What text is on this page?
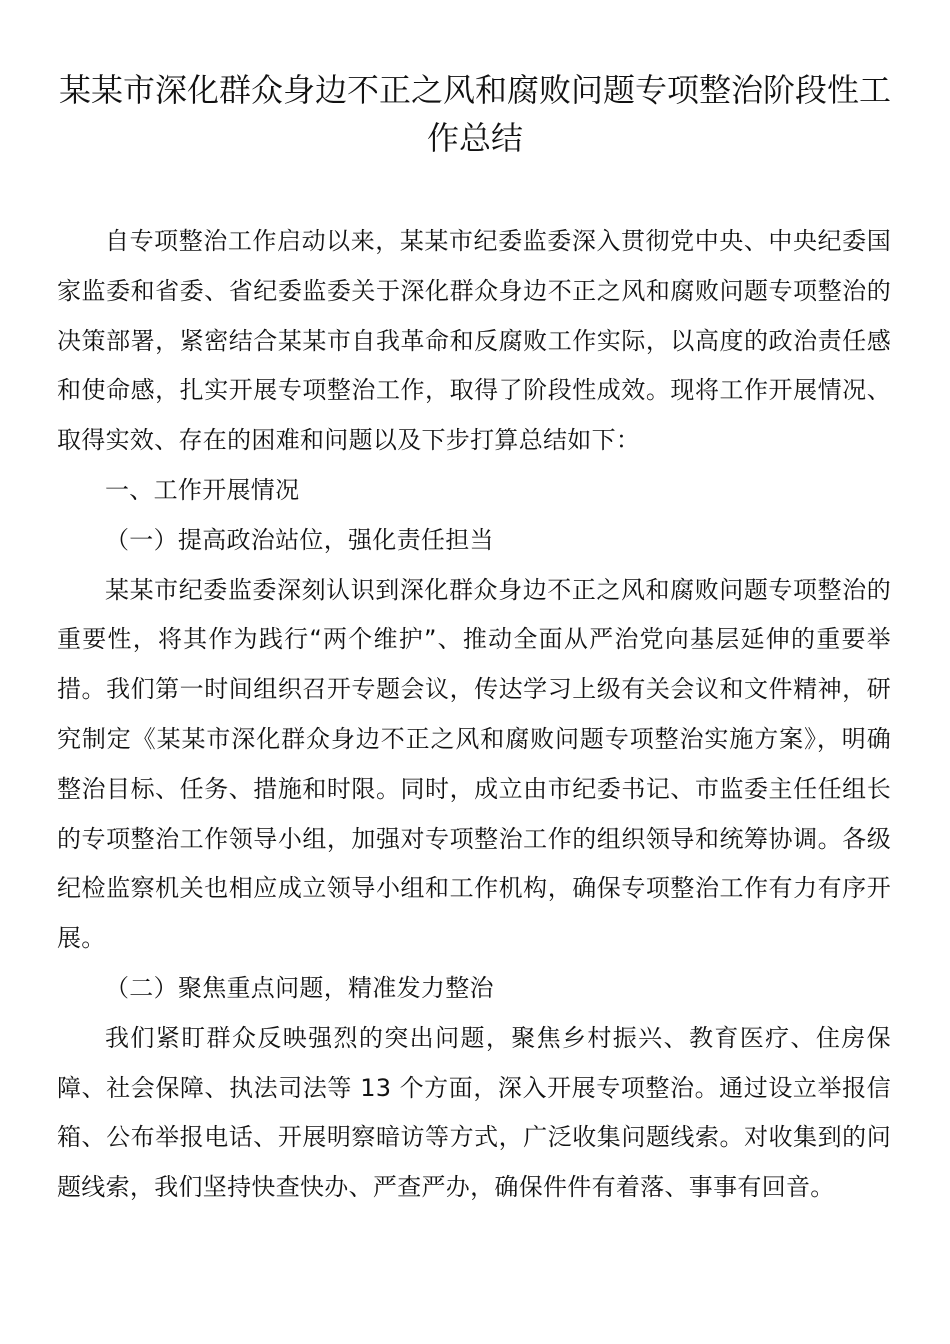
某某市深化群众身边不正之风和腐败问题专项整治阶段性工作总结

自专项整治工作启动以来，某某市纪委监委深入贯彻党中央、中央纪委国家监委和省委、省纪委监委关于深化群众身边不正之风和腐败问题专项整治的决策部署，紧密结合某某市自我革命和反腐败工作实际，以高度的政治责任感和使命感，扎实开展专项整治工作，取得了阶段性成效。现将工作开展情况、取得实效、存在的困难和问题以及下步打算总结如下：

一、工作开展情况

（一）提高政治站位，强化责任担当

某某市纪委监委深刻认识到深化群众身边不正之风和腐败问题专项整治的重要性，将其作为践行“两个维护”、推动全面从严治党向基层延伸的重要举措。我们第一时间组织召开专题会议，传达学习上级有关会议和文件精神，研究制定《某某市深化群众身边不正之风和腐败问题专项整治实施方案》，明确整治目标、任务、措施和时限。同时，成立由市纪委书记、市监委主任任组长的专项整治工作领导小组，加强对专项整治工作的组织领导和统筹协调。各级纪检监察机关也相应成立领导小组和工作机构，确保专项整治工作有力有序开展。

（二）聚焦重点问题，精准发力整治

我们紧盯群众反映强烈的突出问题，聚焦乡村振兴、教育医疗、住房保障、社会保障、执法司法等 13 个方面，深入开展专项整治。通过设立举报信箱、公布举报电话、开展明察暗访等方式，广泛收集问题线索。对收集到的问题线索，我们坚持快查快办、严查严办，确保件件有着落、事事有回音。
